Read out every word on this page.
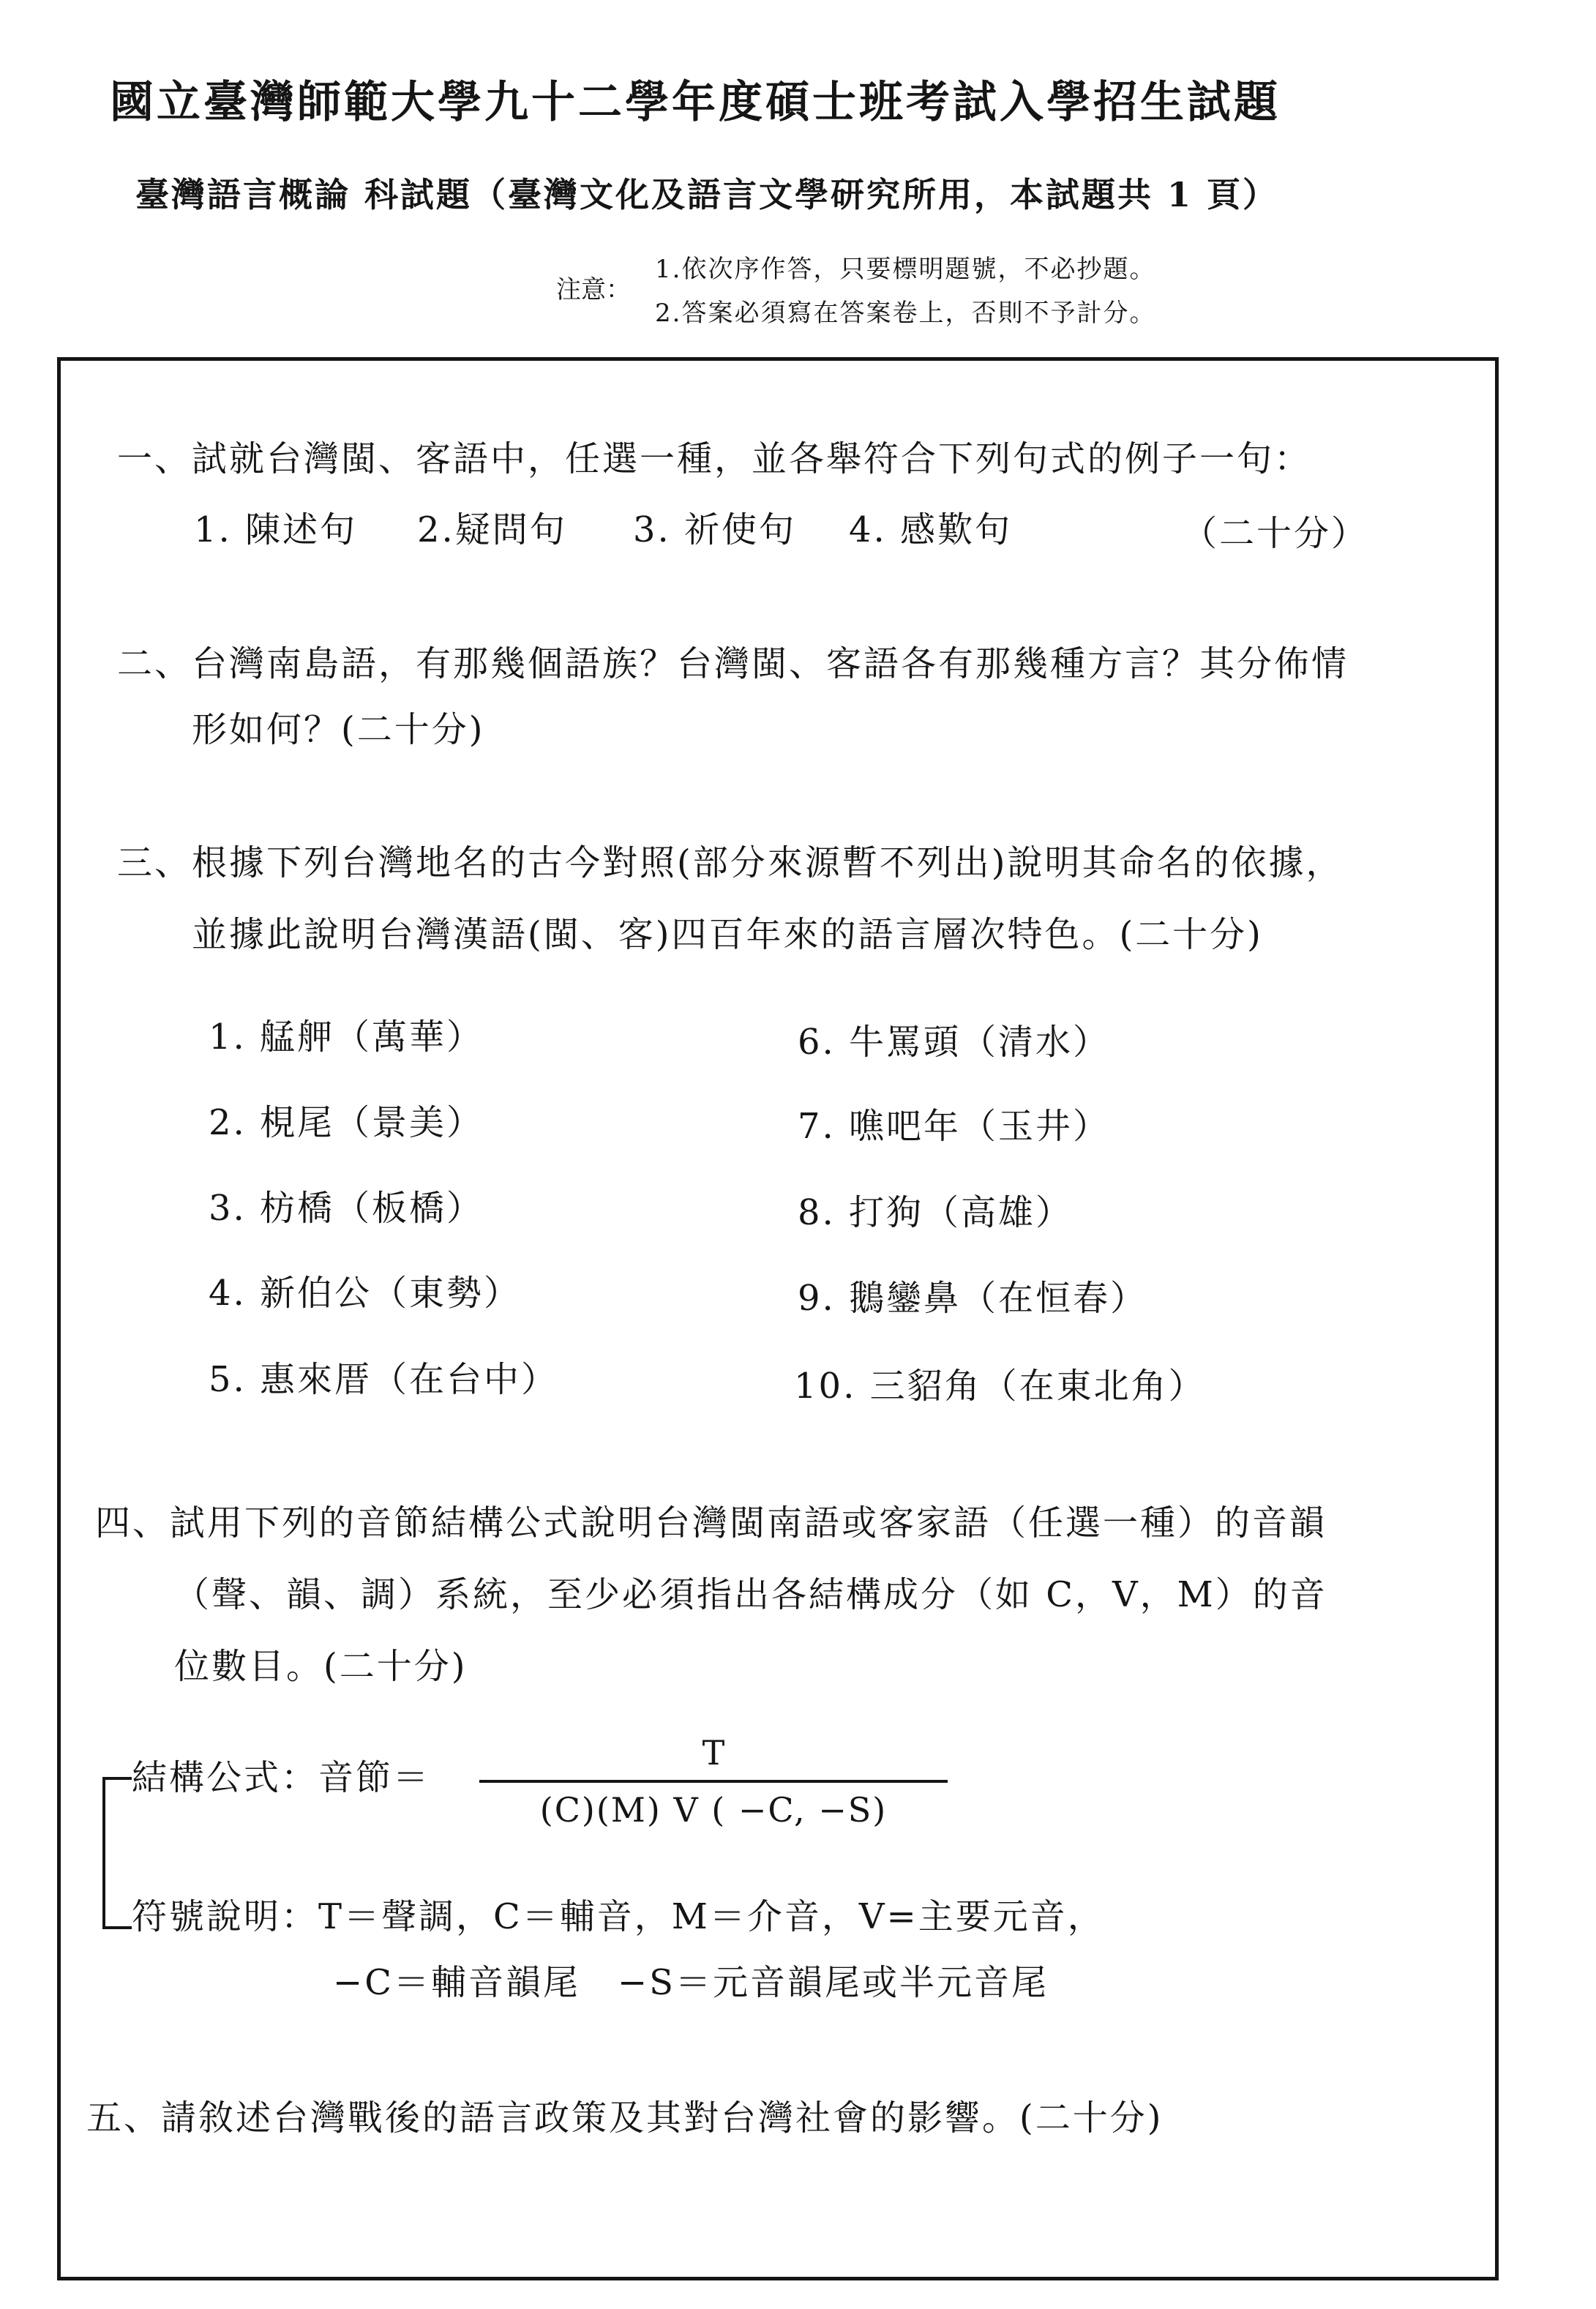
國立臺灣師範大學九十二學年度碩士班考試入學招生試題
臺灣語言概論 科試題（臺灣文化及語言文學研究所用，本試題共 1 頁）
注意：
1.依次序作答，只要標明題號，不必抄題。
2.答案必須寫在答案卷上，否則不予計分。
一、試就台灣閩、客語中，任選一種，並各舉符合下列句式的例子一句：
1. 陳述句 2.疑問句 3. 祈使句 4. 感歎句	（二十分）
二、台灣南島語，有那幾個語族？台灣閩、客語各有那幾種方言？其分佈情
形如何？(二十分)
三、根據下列台灣地名的古今對照(部分來源暫不列出)說明其命名的依據，
並據此說明台灣漢語(閩、客)四百年來的語言層次特色。(二十分)
1. 艋舺（萬華）
2. 梘尾（景美）
3. 枋橋（板橋）
4. 新伯公（東勢）
5. 惠來厝（在台中）
6. 牛罵頭（清水）
7. 噍吧年（玉井）
8. 打狗（高雄）
9. 鵝鑾鼻（在恒春）
10. 三貂角（在東北角）
四、試用下列的音節結構公式說明台灣閩南語或客家語（任選一種）的音韻
（聲、韻、調）系統，至少必須指出各結構成分（如 C，V，M）的音
位數目。(二十分)
結構公式：音節＝
T
(C)(M) V ( −C, −S)
符號說明：T＝聲調，C＝輔音，M＝介音，V=主要元音，
−C＝輔音韻尾　−S＝元音韻尾或半元音尾
五、請敘述台灣戰後的語言政策及其對台灣社會的影響。(二十分)
